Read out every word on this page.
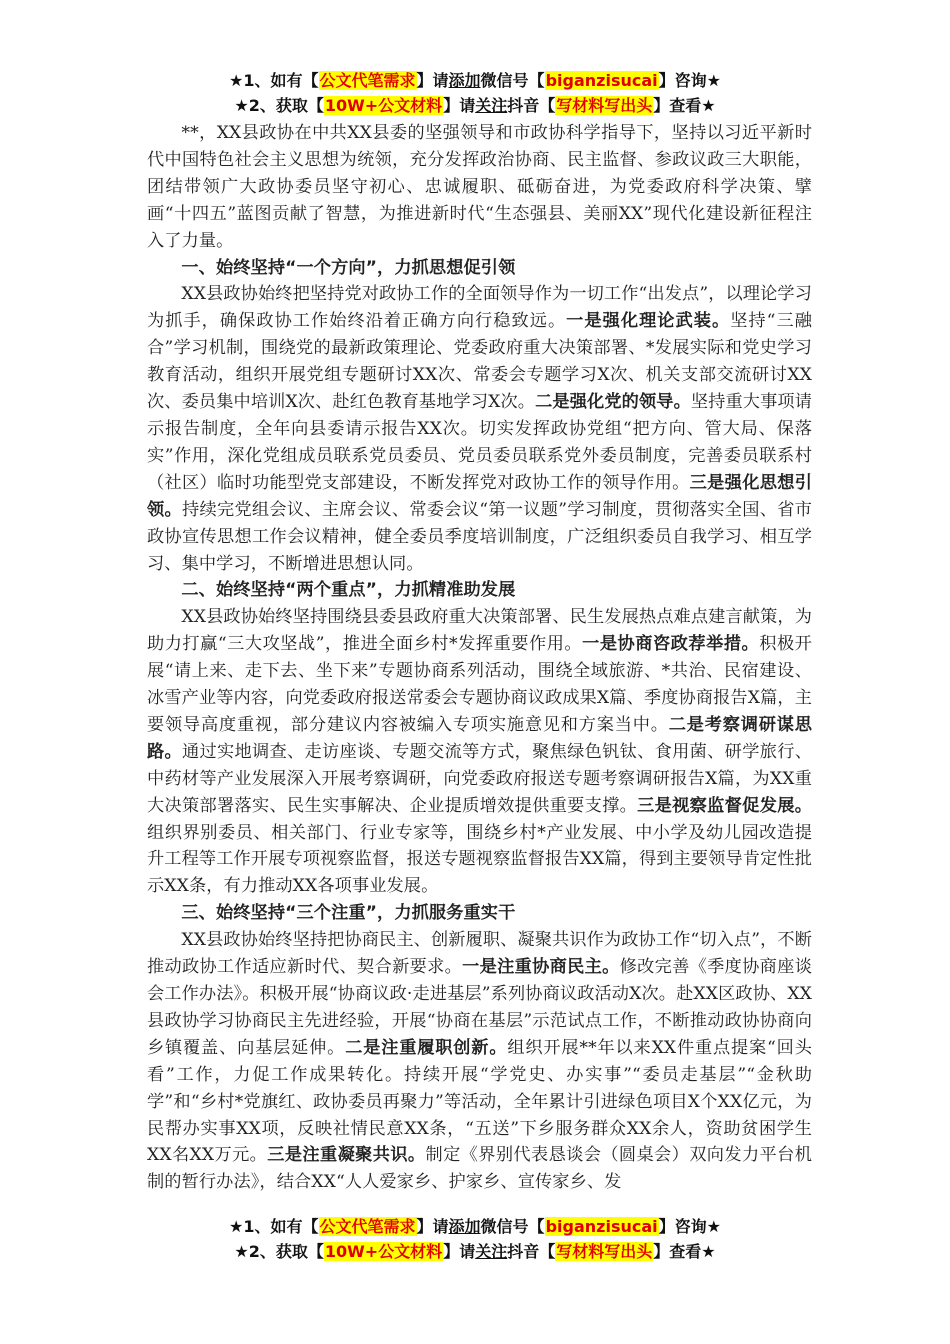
★1、如有【公文代笔需求】请添加微信号【biganzisucai】咨询★
★2、获取【10W+公文材料】请关注抖音【写材料写出头】查看★

**，XX县政协在中共XX县委的坚强领导和市政协科学指导下，坚持以习近平新时代中国特色社会主义思想为统领，充分发挥政治协商、民主监督、参政议政三大职能，团结带领广大政协委员坚守初心、忠诚履职、砥砺奋进，为党委政府科学决策、擘画“十四五”蓝图贡献了智慧，为推进新时代“生态强县、美丽XX”现代化建设新征程注入了力量。

一、始终坚持“一个方向”，力抓思想促引领

XX县政协始终把坚持党对政协工作的全面领导作为一切工作“出发点”，以理论学习为抓手，确保政协工作始终沿着正确方向行稳致远。一是强化理论武装。坚持“三融合”学习机制，围绕党的最新政策理论、党委政府重大决策部署、*发展实际和党史学习教育活动，组织开展党组专题研讨XX次、常委会专题学习X次、机关支部交流研讨XX次、委员集中培训X次、赴红色教育基地学习X次。二是强化党的领导。坚持重大事项请示报告制度，全年向县委请示报告XX次。切实发挥政协党组“把方向、管大局、保落实”作用，深化党组成员联系党员委员、党员委员联系党外委员制度，完善委员联系村（社区）临时功能型党支部建设，不断发挥党对政协工作的领导作用。三是强化思想引领。持续完党组会议、主席会议、常委会议“第一议题”学习制度，贯彻落实全国、省市政协宣传思想工作会议精神，健全委员季度培训制度，广泛组织委员自我学习、相互学习、集中学习，不断增进思想认同。

二、始终坚持“两个重点”，力抓精准助发展

XX县政协始终坚持围绕县委县政府重大决策部署、民生发展热点难点建言献策，为助力打赢“三大攻坚战”，推进全面乡村*发挥重要作用。一是协商咨政荐举措。积极开展“请上来、走下去、坐下来”专题协商系列活动，围绕全域旅游、*共治、民宿建设、冰雪产业等内容，向党委政府报送常委会专题协商议政成果X篇、季度协商报告X篇，主要领导高度重视，部分建议内容被编入专项实施意见和方案当中。二是考察调研谋思路。通过实地调查、走访座谈、专题交流等方式，聚焦绿色钒钛、食用菌、研学旅行、中药材等产业发展深入开展考察调研，向党委政府报送专题考察调研报告X篇，为XX重大决策部署落实、民生实事解决、企业提质增效提供重要支撑。三是视察监督促发展。组织界别委员、相关部门、行业专家等，围绕乡村*产业发展、中小学及幼儿园改造提升工程等工作开展专项视察监督，报送专题视察监督报告XX篇，得到主要领导肯定性批示XX条，有力推动XX各项事业发展。

三、始终坚持“三个注重”，力抓服务重实干

XX县政协始终坚持把协商民主、创新履职、凝聚共识作为政协工作“切入点”，不断推动政协工作适应新时代、契合新要求。一是注重协商民主。修改完善《季度协商座谈会工作办法》。积极开展“协商议政·走进基层”系列协商议政活动X次。赴XX区政协、XX县政协学习协商民主先进经验，开展“协商在基层”示范试点工作，不断推动政协协商向乡镇覆盖、向基层延伸。二是注重履职创新。组织开展**年以来XX件重点提案“回头看”工作，力促工作成果转化。持续开展“学党史、办实事”“委员走基层”“金秋助学”和“乡村*党旗红、政协委员再聚力”等活动，全年累计引进绿色项目X个XX亿元，为民帮办实事XX项，反映社情民意XX条，“五送”下乡服务群众XX余人，资助贫困学生XX名XX万元。三是注重凝聚共识。制定《界别代表恳谈会（圆桌会）双向发力平台机制的暂行办法》，结合XX“人人爱家乡、护家乡、宣传家乡、发

★1、如有【公文代笔需求】请添加微信号【biganzisucai】咨询★
★2、获取【10W+公文材料】请关注抖音【写材料写出头】查看★
